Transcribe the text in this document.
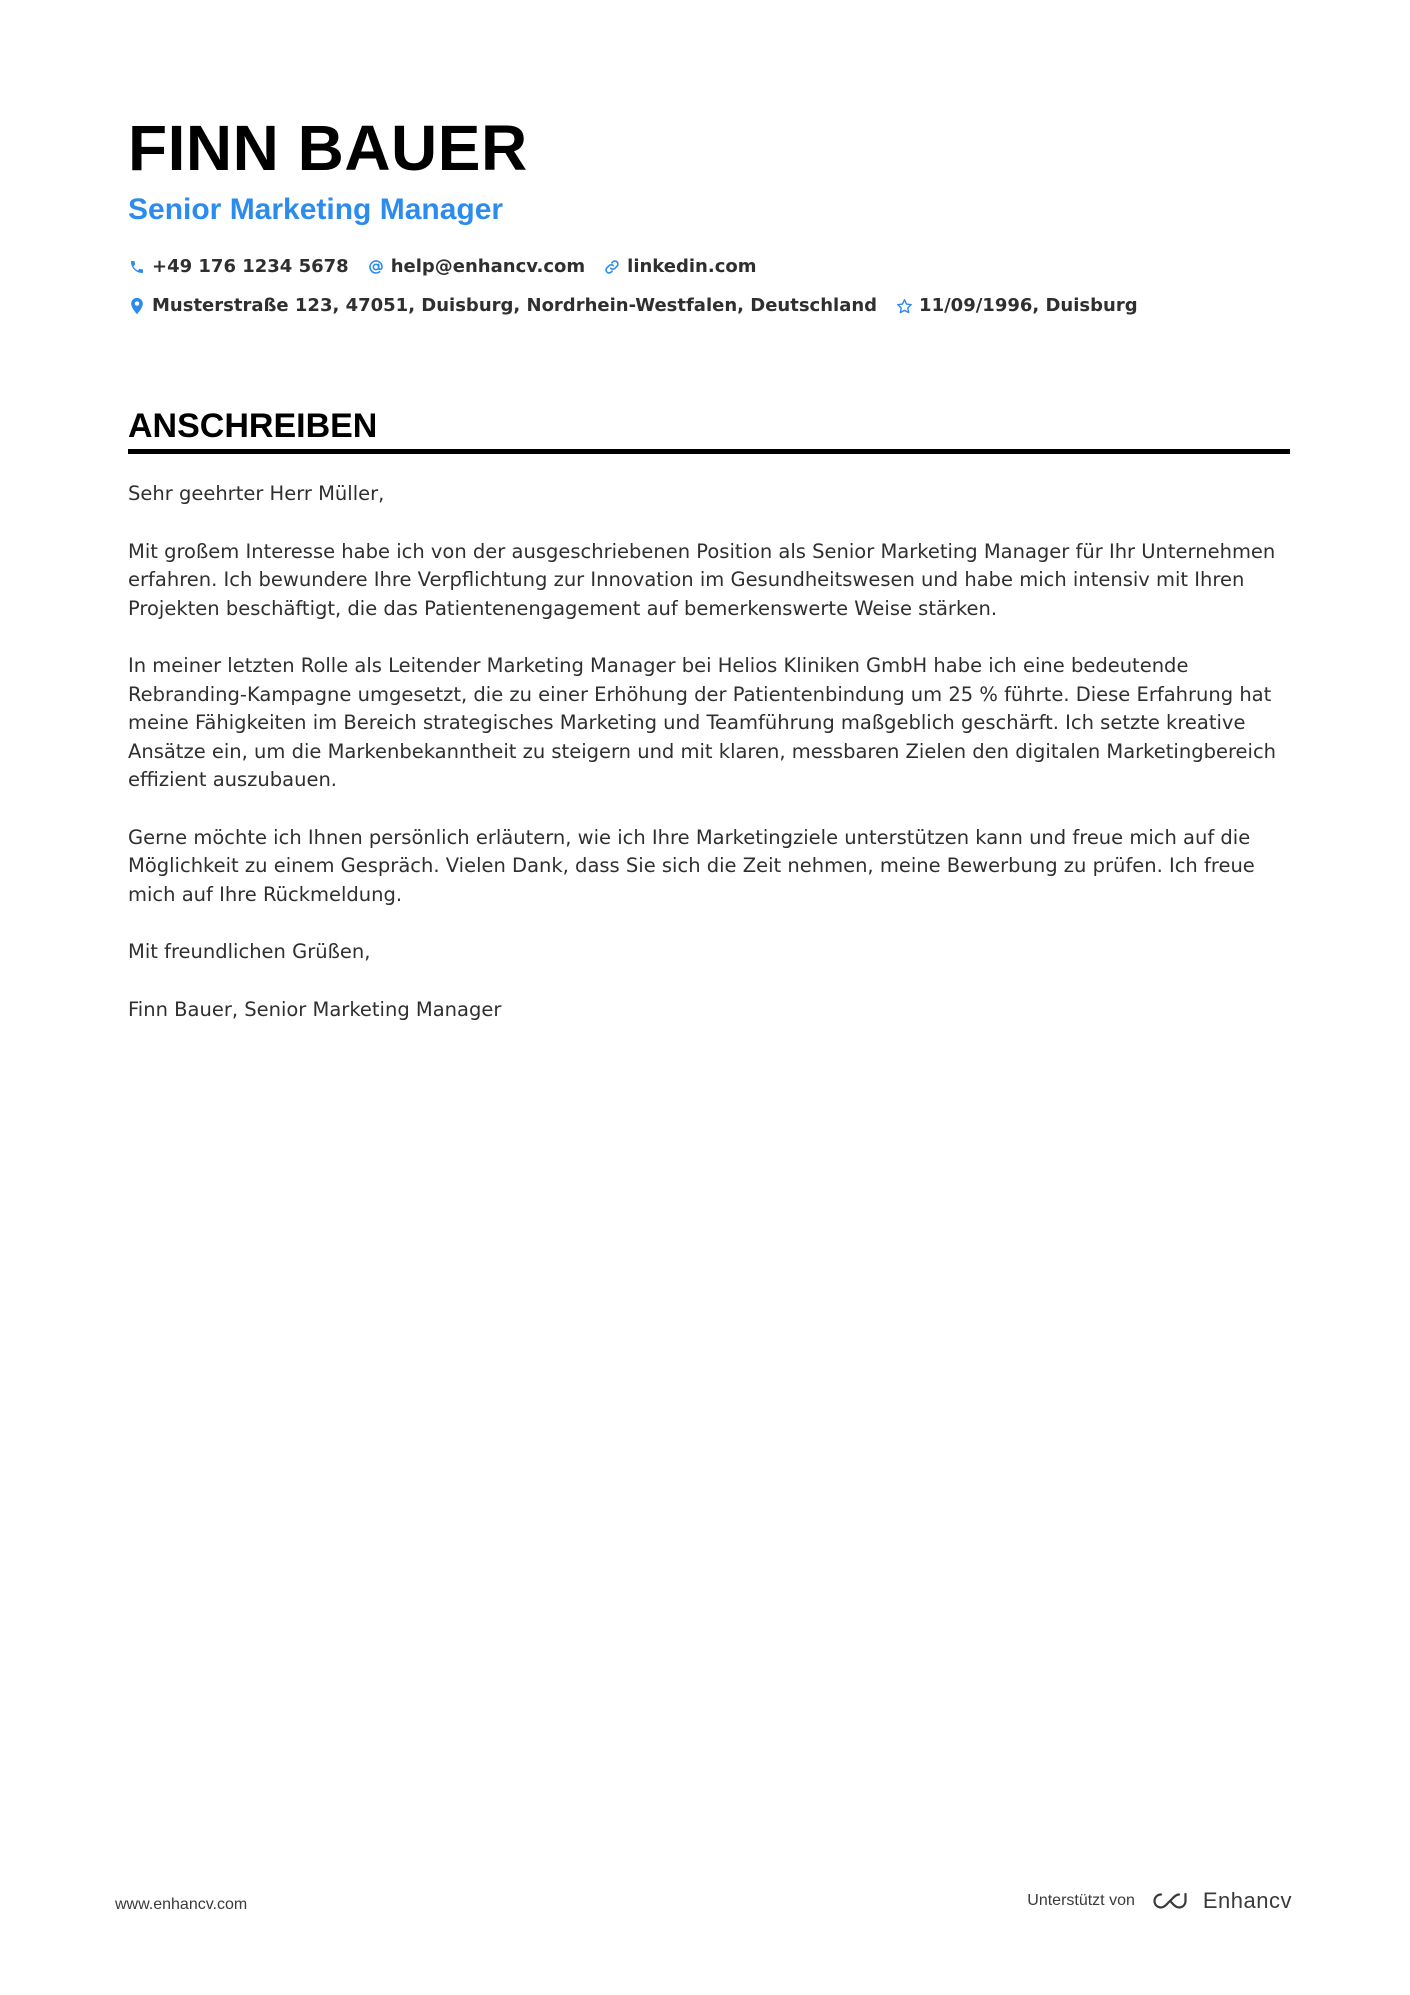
FINN BAUER
Senior Marketing Manager
+49 176 1234 5678 help@enhancv.com linkedin.com
Musterstraße 123, 47051, Duisburg, Nordrhein-Westfalen, Deutschland 11/09/1996, Duisburg
ANSCHREIBEN

Sehr geehrter Herr Müller,

Mit großem Interesse habe ich von der ausgeschriebenen Position als Senior Marketing Manager für Ihr Unternehmen erfahren. Ich bewundere Ihre Verpflichtung zur Innovation im Gesundheitswesen und habe mich intensiv mit Ihren Projekten beschäftigt, die das Patientenengagement auf bemerkenswerte Weise stärken.

In meiner letzten Rolle als Leitender Marketing Manager bei Helios Kliniken GmbH habe ich eine bedeutende Rebranding-Kampagne umgesetzt, die zu einer Erhöhung der Patientenbindung um 25 % führte. Diese Erfahrung hat meine Fähigkeiten im Bereich strategisches Marketing und Teamführung maßgeblich geschärft. Ich setzte kreative Ansätze ein, um die Markenbekanntheit zu steigern und mit klaren, messbaren Zielen den digitalen Marketingbereich effizient auszubauen.

Gerne möchte ich Ihnen persönlich erläutern, wie ich Ihre Marketingziele unterstützen kann und freue mich auf die Möglichkeit zu einem Gespräch. Vielen Dank, dass Sie sich die Zeit nehmen, meine Bewerbung zu prüfen. Ich freue mich auf Ihre Rückmeldung.

Mit freundlichen Grüßen,

Finn Bauer, Senior Marketing Manager

www.enhancv.com	Unterstützt von	Enhancv
